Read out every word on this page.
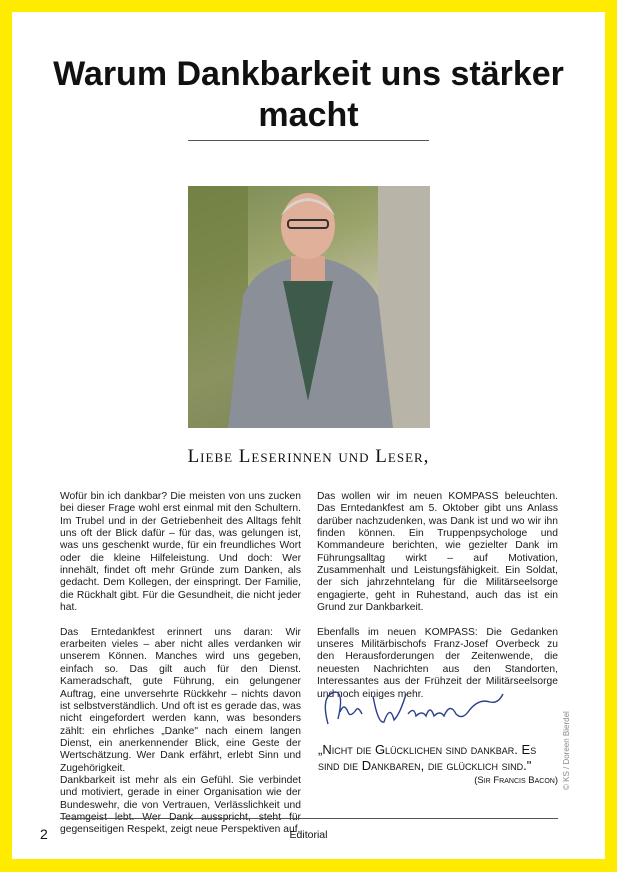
Warum Dankbarkeit uns stärker macht
Liebe Leserinnen und Leser,

Wofür bin ich dankbar? Die meisten von uns zucken bei dieser Frage wohl erst einmal mit den Schultern. Im Trubel und in der Getriebenheit des Alltags fehlt uns oft der Blick dafür – für das, was gelungen ist, was uns geschenkt wurde, für ein freundliches Wort oder die kleine Hilfeleistung. Und doch: Wer innehält, findet oft mehr Gründe zum Danken, als gedacht. Dem Kollegen, der einspringt. Der Familie, die Rückhalt gibt. Für die Gesundheit, die nicht jeder hat.

Das Erntedankfest erinnert uns daran: Wir erarbeiten vieles – aber nicht alles verdanken wir unserem Können. Manches wird uns gegeben, einfach so. Das gilt auch für den Dienst. Kameradschaft, gute Führung, ein gelungener Auftrag, eine unversehrte Rückkehr – nichts davon ist selbstverständlich. Und oft ist es gerade das, was nicht eingefordert werden kann, was besonders zählt: ein ehrliches „Danke" nach einem langen Dienst, ein anerkennender Blick, eine Geste der Wertschätzung. Wer Dank erfährt, erlebt Sinn und Zugehörigkeit.

Dankbarkeit ist mehr als ein Gefühl. Sie verbindet und motiviert, gerade in einer Organisation wie der Bundeswehr, die von Vertrauen, Verlässlichkeit und Teamgeist lebt. Wer Dank ausspricht, steht für gegenseitigen Respekt, zeigt neue Perspektiven auf.

Das wollen wir im neuen KOMPASS beleuchten. Das Erntedankfest am 5. Oktober gibt uns Anlass darüber nachzudenken, was Dank ist und wo wir ihn finden können. Ein Truppenpsychologe und Kommandeure berichten, wie gezielter Dank im Führungsalltag wirkt – auf Motivation, Zusammenhalt und Leistungsfähigkeit. Ein Soldat, der sich jahrzehntelang für die Militärseelsorge engagierte, geht in Ruhestand, auch das ist ein Grund zur Dankbarkeit.

Ebenfalls im neuen KOMPASS: Die Gedanken unseres Militärbischofs Franz-Josef Overbeck zu den Herausforderungen der Zeitenwende, die neuesten Nachrichten aus den Standorten, Interessantes aus der Frühzeit der Militärseelsorge und noch einiges mehr.

„Nicht die Glücklichen sind dankbar. Es sind die Dankbaren, die glücklich sind."
(Sir Francis Bacon) © KS / Doreen Bierdel
2	Editorial
